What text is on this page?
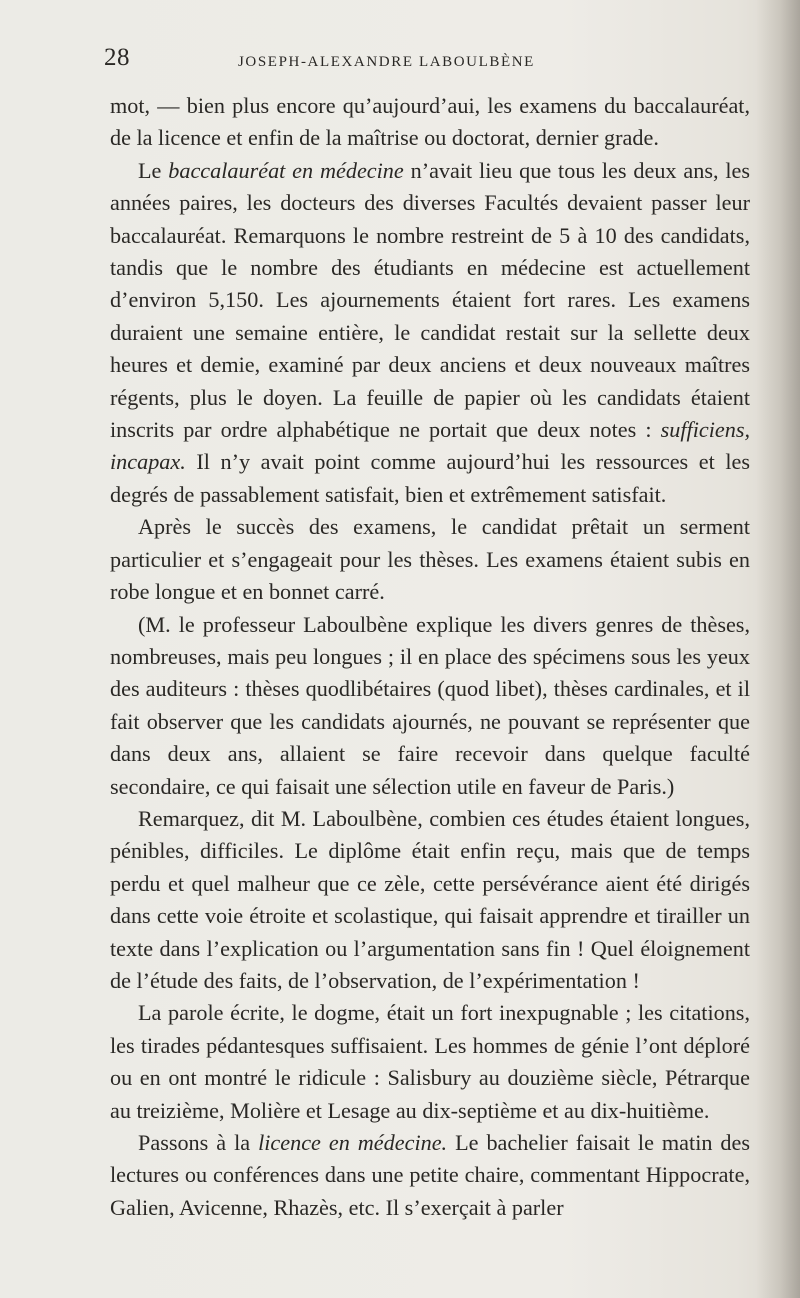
28	JOSEPH-ALEXANDRE LABOULBÈNE

mot, — bien plus encore qu’aujourd’aui, les examens du baccalauréat, de la licence et enfin de la maîtrise ou doctorat, dernier grade.

Le baccalauréat en médecine n’avait lieu que tous les deux ans, les années paires, les docteurs des diverses Facultés devaient passer leur baccalauréat. Remarquons le nombre restreint de 5 à 10 des candidats, tandis que le nombre des étudiants en médecine est actuellement d’environ 5,150. Les ajournements étaient fort rares. Les examens duraient une semaine entière, le candidat restait sur la sellette deux heures et demie, examiné par deux anciens et deux nouveaux maîtres régents, plus le doyen. La feuille de papier où les candidats étaient inscrits par ordre alphabétique ne portait que deux notes : sufficiens, incapax. Il n’y avait point comme aujourd’hui les ressources et les degrés de passablement satisfait, bien et extrêmement satisfait.

Après le succès des examens, le candidat prêtait un serment particulier et s’engageait pour les thèses. Les examens étaient subis en robe longue et en bonnet carré.

(M. le professeur Laboulbène explique les divers genres de thèses, nombreuses, mais peu longues ; il en place des spécimens sous les yeux des auditeurs : thèses quodlibétaires (quod libet), thèses cardinales, et il fait observer que les candidats ajournés, ne pouvant se représenter que dans deux ans, allaient se faire recevoir dans quelque faculté secondaire, ce qui faisait une sélection utile en faveur de Paris.)

Remarquez, dit M. Laboulbène, combien ces études étaient longues, pénibles, difficiles. Le diplôme était enfin reçu, mais que de temps perdu et quel malheur que ce zèle, cette persévérance aient été dirigés dans cette voie étroite et scolastique, qui faisait apprendre et tirailler un texte dans l’explication ou l’argumentation sans fin ! Quel éloignement de l’étude des faits, de l’observation, de l’expérimentation !

La parole écrite, le dogme, était un fort inexpugnable ; les citations, les tirades pédantesques suffisaient. Les hommes de génie l’ont déploré ou en ont montré le ridicule : Salisbury au douzième siècle, Pétrarque au treizième, Molière et Lesage au dix-septième et au dix-huitième.

Passons à la licence en médecine. Le bachelier faisait le matin des lectures ou conférences dans une petite chaire, commentant Hippocrate, Galien, Avicenne, Rhazès, etc. Il s’exerçait à parler
